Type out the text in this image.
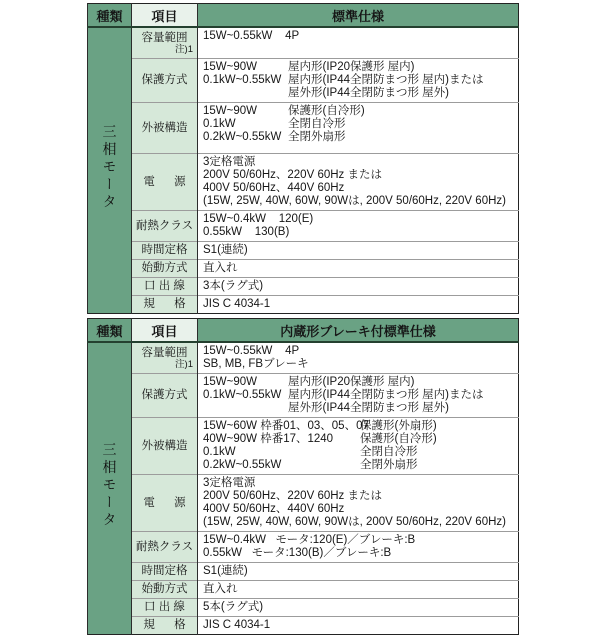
種類	項目	標準仕様
三相モータ	容量範囲
注)1	15W~0.55kW    4P

	保護方式	15W~90W 屋内形(IP20保護形 屋内)
0.1kW~0.55kW 屋内形(IP44全閉防まつ形 屋内)または
屋外形(IP44全閉防まつ形 屋外)

	外被構造	15W~90W 保護形(自冷形)
0.1kW 全閉自冷形
0.2kW~0.55kW 全閉外扇形

	電      源	3定格電源
200V 50/60Hz、220V 60Hz または
400V 50/60Hz、440V 60Hz
(15W, 25W, 40W, 60W, 90Wは, 200V 50/60Hz, 220V 60Hz)

	耐熱クラス	15W~0.4kW    120(E)
0.55kW    130(B)

	時間定格	S1(連続)

	始動方式	直入れ

	口 出 線	3本(ラグ式)

	規      格	JIS C 4034-1
種類	項目	内蔵形ブレーキ付標準仕様
三相モータ	容量範囲
注)1

15W~0.55kW    4P
SB, MB, FBブレーキ

	保護方式	15W~90W 屋内形(IP20保護形 屋内)
0.1kW~0.55kW 屋内形(IP44全閉防まつ形 屋内)または
屋外形(IP44全閉防まつ形 屋外)

	外被構造	15W~60W 枠番01、03、05、07保護形(外扇形)
40W~90W 枠番17、1240 保護形(自冷形)
0.1kW 全閉自冷形
0.2kW~0.55kW 全閉外扇形

	電      源	3定格電源
200V 50/60Hz、220V 60Hz または
400V 50/60Hz、440V 60Hz
(15W, 25W, 40W, 60W, 90Wは, 200V 50/60Hz, 220V 60Hz)

	耐熱クラス	15W~0.4kW   モータ:120(E)／ブレーキ:B
0.55kW   モータ:130(B)／ブレーキ:B

	時間定格	S1(連続)

	始動方式	直入れ

	口 出 線	5本(ラグ式)

	規      格	JIS C 4034-1
